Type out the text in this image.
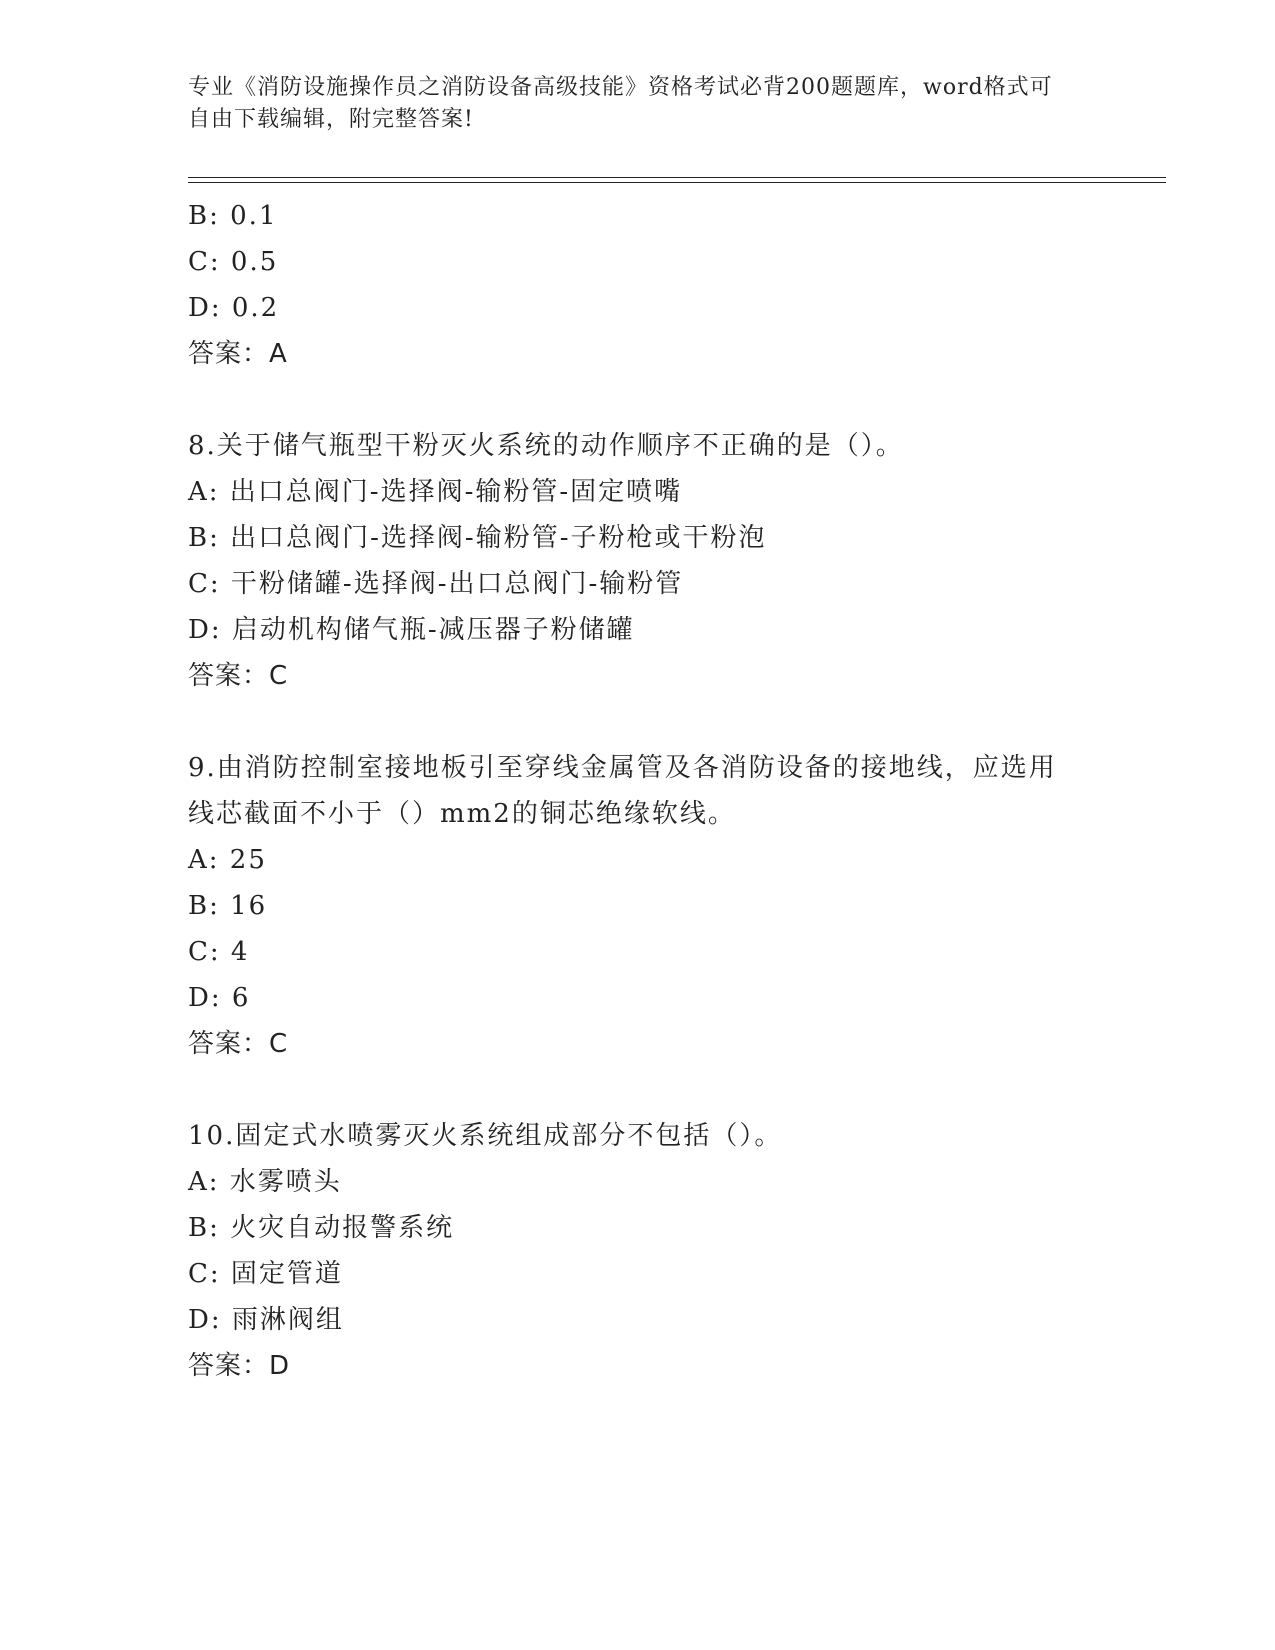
专业《消防设施操作员之消防设备高级技能》资格考试必背200题题库，word格式可自由下载编辑，附完整答案!
B: 0.1
C: 0.5
D: 0.2
答案：A
8.关于储气瓶型干粉灭火系统的动作顺序不正确的是（）。
A: 出口总阀门-选择阀-输粉管-固定喷嘴
B: 出口总阀门-选择阀-输粉管-子粉枪或干粉泡
C: 干粉储罐-选择阀-出口总阀门-输粉管
D: 启动机构储气瓶-减压器子粉储罐
答案：C
9.由消防控制室接地板引至穿线金属管及各消防设备的接地线，应选用线芯截面不小于（）mm2的铜芯绝缘软线。
A: 25
B: 16
C: 4
D: 6
答案：C
10.固定式水喷雾灭火系统组成部分不包括（）。
A: 水雾喷头
B: 火灾自动报警系统
C: 固定管道
D: 雨淋阀组
答案：D
